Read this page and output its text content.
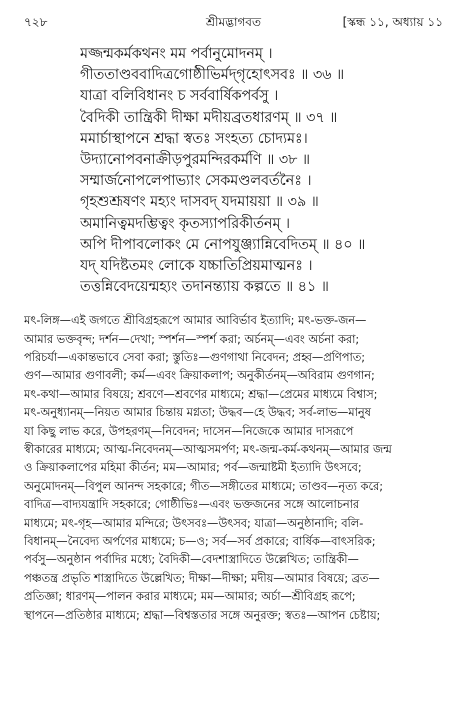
৭২৮	শ্রীমদ্ভাগবত	[স্কন্ধ ১১, অধ্যায় ১১
মজ্জন্মকর্মকথনং মম পর্বানুমোদনম্‌ ।
গীততাণ্ডববাদিত্রগোষ্ঠীভির্মদ্‌গৃহোৎসবঃ ॥ ৩৬ ॥
যাত্রা বলিবিধানং চ সর্ববার্ষিকপর্বসু ।
বৈদিকী তান্ত্রিকী দীক্ষা মদীয়ব্রতধারণম্‌ ॥ ৩৭ ॥
মমার্চাস্থাপনে শ্রদ্ধা স্বতঃ সংহত্য চোদ্যমঃ।
উদ্যানোপবনাক্রীড়পুরমন্দিরকর্মণি ॥ ৩৮ ॥
সম্মার্জনোপলেপাভ্যাং সেকমণ্ডলবর্তনৈঃ ।
গৃহশুশ্রূষণং মহ্যং দাসবদ্‌ যদমায়য়া ॥ ৩৯ ॥
অমানিত্বমদম্ভিত্বং কৃতস্যাপরিকীর্তনম্‌ ।
অপি দীপাবলোকং মে নোপযুঞ্জ্যান্নিবেদিতম্‌ ॥ ৪০ ॥
যদ্‌ যদিষ্টতমং লোকে যচ্চাতিপ্রিয়মাত্মনঃ ।
তত্তন্নিবেদয়েন্মহ্যং তদানন্ত্যায় কল্পতে ॥ ৪১ ॥
মৎ-লিঙ্গ—এই জগতে শ্রীবিগ্রহরূপে আমার আবির্ভাব ইত্যাদি; মৎ-ভক্ত-জন—
আমার ভক্তবৃন্দ; দর্শন—দেখা; স্পর্শন—স্পর্শ করা; অর্চনম্‌—এবং অর্চনা করা;
পরিচর্যা—একান্তভাবে সেবা করা; স্তুতিঃ—গুণগাথা নিবেদন; প্রহ্ব—প্রণিপাত;
গুণ—আমার গুণাবলী; কর্ম—এবং ক্রিয়াকলাপ; অনুকীর্তনম্‌—অবিরাম গুণগান;
মৎ-কথা—আমার বিষয়ে; শ্রবণে—শ্রবণের মাধ্যমে; শ্রদ্ধা—প্রেমের মাধ্যমে বিশ্বাস;
মৎ-অনুধ্যানম্‌—নিয়ত আমার চিন্তায় মগ্নতা; উদ্ধব—হে উদ্ধব; সর্ব-লাভ—মানুষ
যা কিছু লাভ করে, উপহরণম্‌—নিবেদন; দাসেন—নিজেকে আমার দাসরূপে
স্বীকারের মাধ্যমে; আত্ম-নিবেদনম্‌—আত্মসমর্পণ; মৎ-জন্ম-কর্ম-কথনম্‌—আমার জন্ম
ও ক্রিয়াকলাপের মহিমা কীর্তন; মম—আমার; পর্ব—জন্মাষ্টমী ইত্যাদি উৎসবে;
অনুমোদনম্‌—বিপুল আনন্দ সহকারে; গীত—সঙ্গীতের মাধ্যমে; তাণ্ডব—নৃত্য করে;
বাদিত্র—বাদ্যযন্ত্রাদি সহকারে; গোষ্ঠীভিঃ—এবং ভক্তজনের সঙ্গে আলোচনার
মাধ্যমে; মৎ-গৃহ—আমার মন্দিরে; উৎসবঃ—উৎসব; যাত্রা—অনুষ্ঠানাদি; বলি-
বিধানম্‌—নৈবেদ্য অর্পণের মাধ্যমে; চ—ও; সর্ব—সর্ব প্রকারে; বার্ষিক—বাৎসরিক;
পর্বসু—অনুষ্ঠান পর্বাদির মধ্যে; বৈদিকী—বেদশাস্ত্রাদিতে উল্লেখিত; তান্ত্রিকী—
পঞ্চতন্ত্র প্রভৃতি শাস্ত্রাদিতে উল্লেখিত; দীক্ষা—দীক্ষা; মদীয়—আমার বিষয়ে; ব্রত—
প্রতিজ্ঞা; ধারণম্‌—পালন করার মাধ্যমে; মম—আমার; অর্চা—শ্রীবিগ্রহ রূপে;
স্থাপনে—প্রতিষ্ঠার মাধ্যমে; শ্রদ্ধা—বিশ্বস্ততার সঙ্গে অনুরক্ত; স্বতঃ—আপন চেষ্টায়;
